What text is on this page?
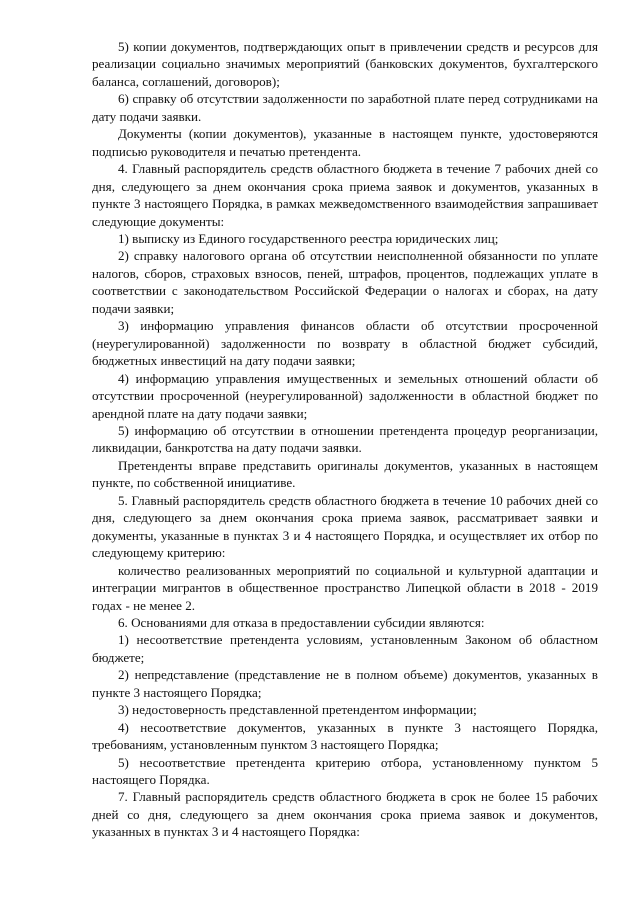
5) копии документов, подтверждающих опыт в привлечении средств и ресурсов для реализации социально значимых мероприятий (банковских документов, бухгалтерского баланса, соглашений, договоров);

6) справку об отсутствии задолженности по заработной плате перед сотрудниками на дату подачи заявки.

Документы (копии документов), указанные в настоящем пункте, удостоверяются подписью руководителя и печатью претендента.

4. Главный распорядитель средств областного бюджета в течение 7 рабочих дней со дня, следующего за днем окончания срока приема заявок и документов, указанных в пункте 3 настоящего Порядка, в рамках межведомственного взаимодействия запрашивает следующие документы:

1) выписку из Единого государственного реестра юридических лиц;

2) справку налогового органа об отсутствии неисполненной обязанности по уплате налогов, сборов, страховых взносов, пеней, штрафов, процентов, подлежащих уплате в соответствии с законодательством Российской Федерации о налогах и сборах, на дату подачи заявки;

3) информацию управления финансов области об отсутствии просроченной (неурегулированной) задолженности по возврату в областной бюджет субсидий, бюджетных инвестиций на дату подачи заявки;

4) информацию управления имущественных и земельных отношений области об отсутствии просроченной (неурегулированной) задолженности в областной бюджет по арендной плате на дату подачи заявки;

5) информацию об отсутствии в отношении претендента процедур реорганизации, ликвидации, банкротства на дату подачи заявки.

Претенденты вправе представить оригиналы документов, указанных в настоящем пункте, по собственной инициативе.

5. Главный распорядитель средств областного бюджета в течение 10 рабочих дней со дня, следующего за днем окончания срока приема заявок, рассматривает заявки и документы, указанные в пунктах 3 и 4 настоящего Порядка, и осуществляет их отбор по следующему критерию:

количество реализованных мероприятий по социальной и культурной адаптации и интеграции мигрантов в общественное пространство Липецкой области в 2018 - 2019 годах - не менее 2.

6. Основаниями для отказа в предоставлении субсидии являются:

1) несоответствие претендента условиям, установленным Законом об областном бюджете;

2) непредставление (представление не в полном объеме) документов, указанных в пункте 3 настоящего Порядка;

3) недостоверность представленной претендентом информации;

4) несоответствие документов, указанных в пункте 3 настоящего Порядка, требованиям, установленным пунктом 3 настоящего Порядка;

5) несоответствие претендента критерию отбора, установленному пунктом 5 настоящего Порядка.

7. Главный распорядитель средств областного бюджета в срок не более 15 рабочих дней со дня, следующего за днем окончания срока приема заявок и документов, указанных в пунктах 3 и 4 настоящего Порядка:
